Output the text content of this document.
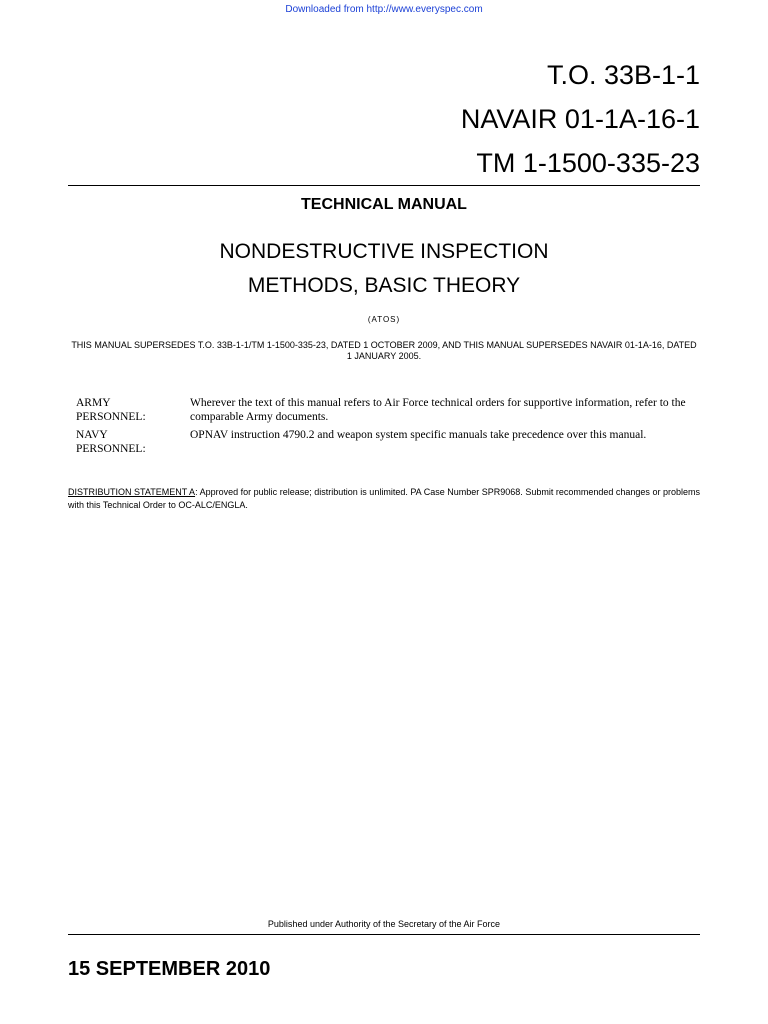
Downloaded from http://www.everyspec.com
T.O. 33B-1-1
NAVAIR 01-1A-16-1
TM 1-1500-335-23
TECHNICAL MANUAL
NONDESTRUCTIVE INSPECTION
METHODS, BASIC THEORY
(ATOS)
THIS MANUAL SUPERSEDES T.O. 33B-1-1/TM 1-1500-335-23, DATED 1 OCTOBER 2009, AND THIS MANUAL SUPERSEDES NAVAIR 01-1A-16, DATED 1 JANUARY 2005.
ARMY
PERSONNEL:
Wherever the text of this manual refers to Air Force technical orders for supportive information, refer to the comparable Army documents.
NAVY
PERSONNEL:
OPNAV instruction 4790.2 and weapon system specific manuals take precedence over this manual.
DISTRIBUTION STATEMENT A: Approved for public release; distribution is unlimited. PA Case Number SPR9068. Submit recommended changes or problems with this Technical Order to OC-ALC/ENGLA.
Published under Authority of the Secretary of the Air Force
15 SEPTEMBER 2010
